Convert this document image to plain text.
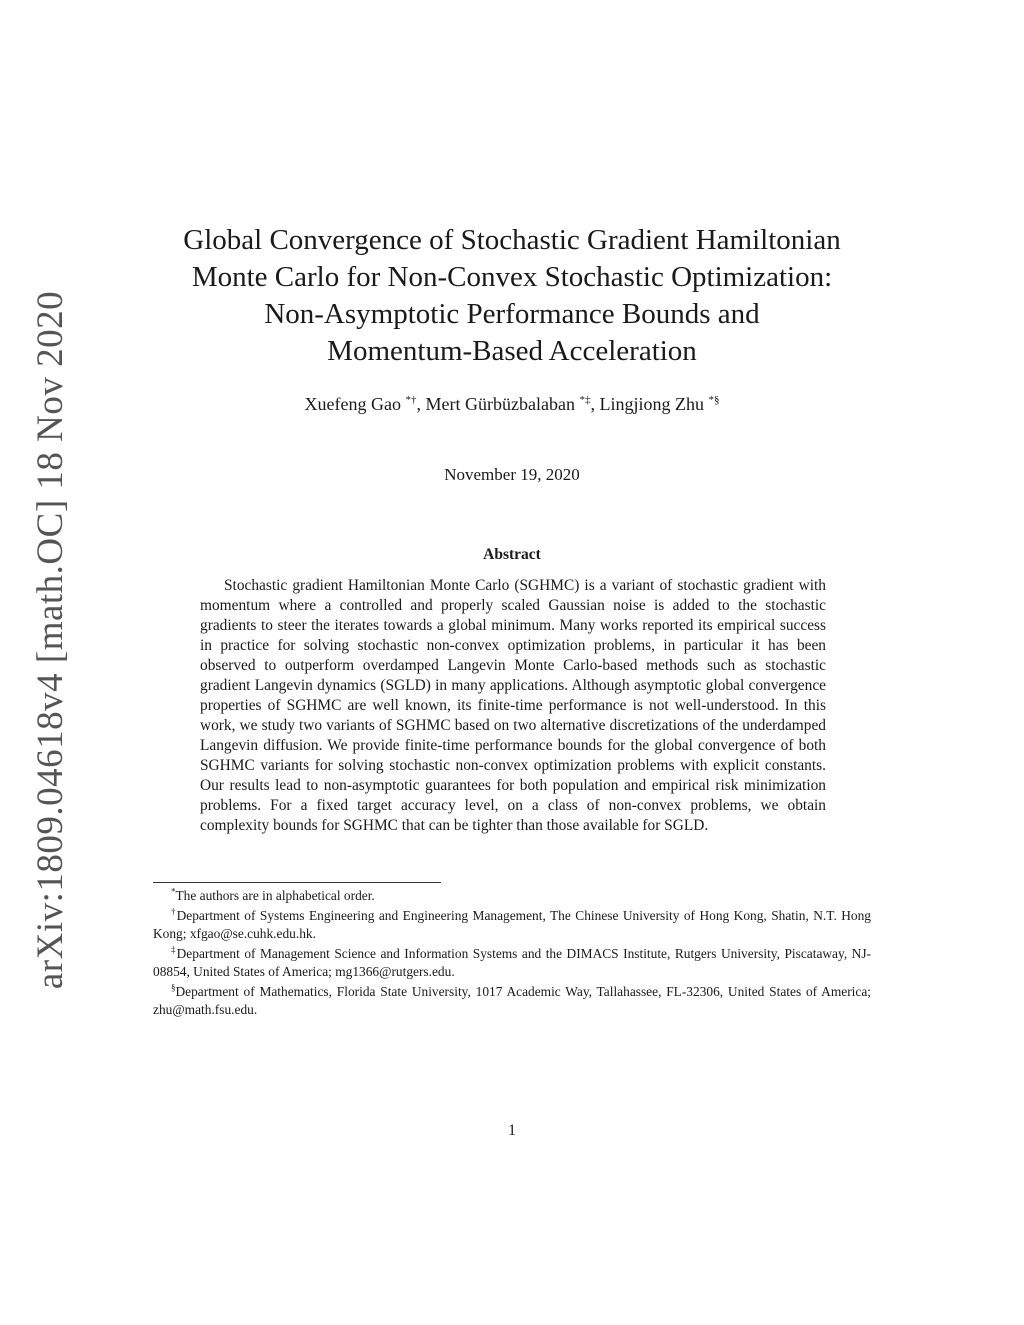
arXiv:1809.04618v4 [math.OC] 18 Nov 2020
Global Convergence of Stochastic Gradient Hamiltonian
Monte Carlo for Non-Convex Stochastic Optimization:
Non-Asymptotic Performance Bounds and
Momentum-Based Acceleration
Xuefeng Gao *†, Mert Gürbüzbalaban *‡, Lingjiong Zhu *§
November 19, 2020
Abstract

Stochastic gradient Hamiltonian Monte Carlo (SGHMC) is a variant of stochastic gradient with momentum where a controlled and properly scaled Gaussian noise is added to the stochastic gradients to steer the iterates towards a global minimum. Many works reported its empirical success in practice for solving stochastic non-convex optimization problems, in particular it has been observed to outperform overdamped Langevin Monte Carlo-based methods such as stochastic gradient Langevin dynamics (SGLD) in many applications. Although asymptotic global convergence properties of SGHMC are well known, its finite-time performance is not well-understood. In this work, we study two variants of SGHMC based on two alternative discretizations of the underdamped Langevin diffusion. We provide finite-time performance bounds for the global convergence of both SGHMC variants for solving stochastic non-convex optimization problems with explicit constants. Our results lead to non-asymptotic guarantees for both population and empirical risk minimization problems. For a fixed target accuracy level, on a class of non-convex problems, we obtain complexity bounds for SGHMC that can be tighter than those available for SGLD.

*The authors are in alphabetical order.

†Department of Systems Engineering and Engineering Management, The Chinese University of Hong Kong, Shatin, N.T. Hong Kong; xfgao@se.cuhk.edu.hk.

‡Department of Management Science and Information Systems and the DIMACS Institute, Rutgers University, Piscataway, NJ-08854, United States of America; mg1366@rutgers.edu.

§Department of Mathematics, Florida State University, 1017 Academic Way, Tallahassee, FL-32306, United States of America; zhu@math.fsu.edu.

1
